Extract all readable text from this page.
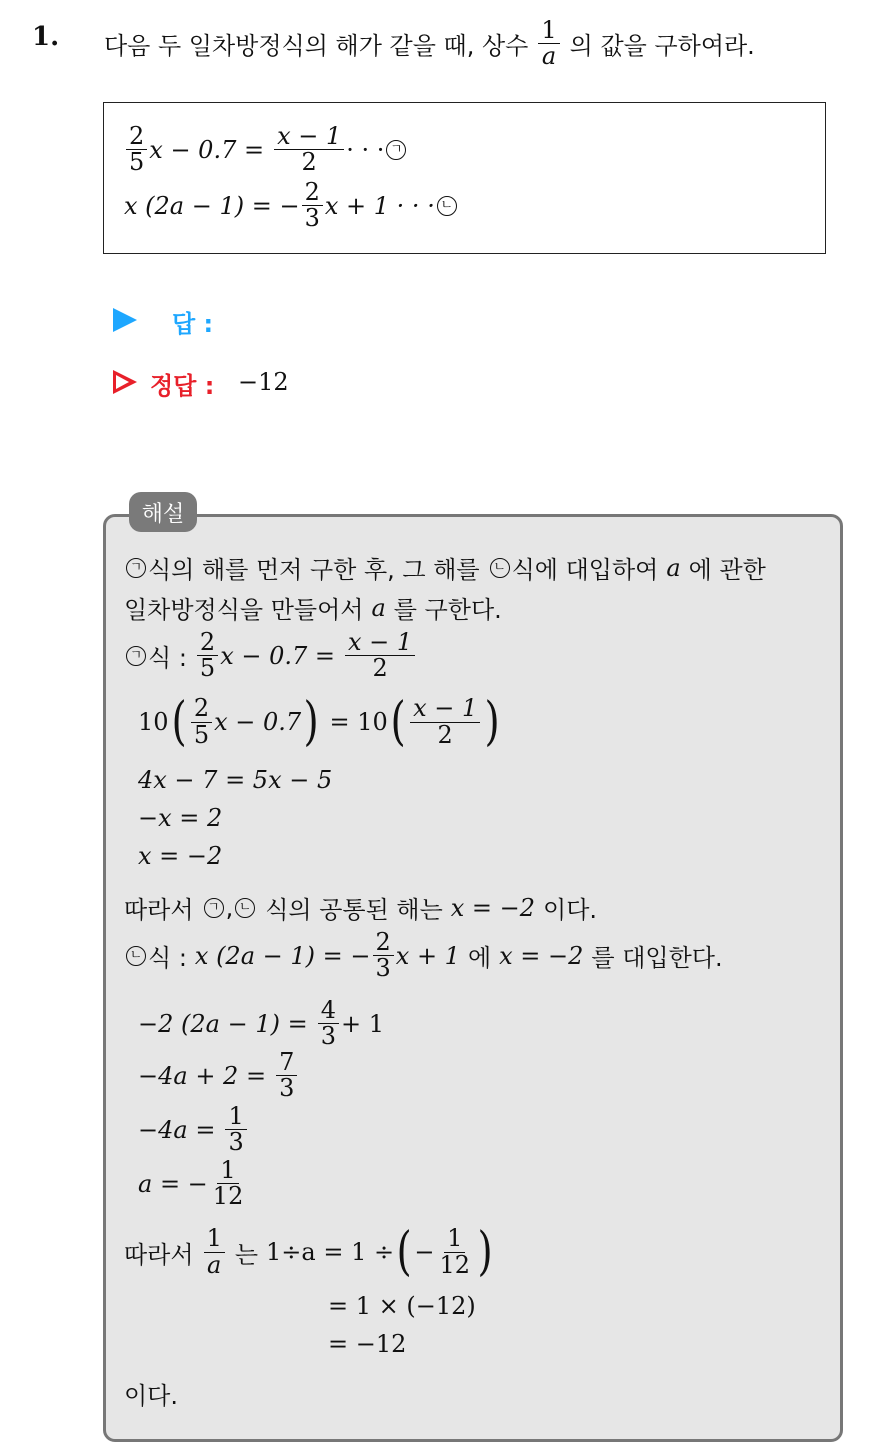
1. 다음 두 일차방정식의 해가 같을 때, 상수 $\frac{1}{a}$ 의 값을 구하여라.
$\frac{2}{5}$ $x - 0.7 = \frac{x - 1}{2}$ · · · ㄱ
x (2a − 1) = − $\frac{2}{3}$ x + 1 · · · ㄴ
답 :
정답 : −12
해설
ㄱ 식의 해를 먼저 구한 후, 그 해를 ㄴ 식에 대입하여 a 에 관한
일차방정식을 만들어서 a 를 구한다.
ㄱ 식 : $\frac{2}{5}$ $x - 0.7 = \frac{x - 1}{2}$
10 ( $\frac{2}{5}$ x − 0.7 ) = 10 ( $\frac{x - 1}{2}$ )
4x − 7 = 5x − 5
−x = 2
x = −2
따라서 ㄱ , ㄴ 식의 공통된 해는 x = −2 이다.
ㄴ 식 : x (2a − 1) = − $\frac{2}{3}$ x + 1 에 x = −2 를 대입한다.
−2 $(2a - 1) = \frac{4}{3} + 1$
$-4a + 2 = \frac{7}{3}$
$-4a = \frac{1}{3}$
a = − $\frac{1}{12}$
따라서 $\frac{1}{a}$ 는 1÷a = 1 ÷ ( − $\frac{1}{12}$ )
= 1 × (−12)
= −12
이다.
